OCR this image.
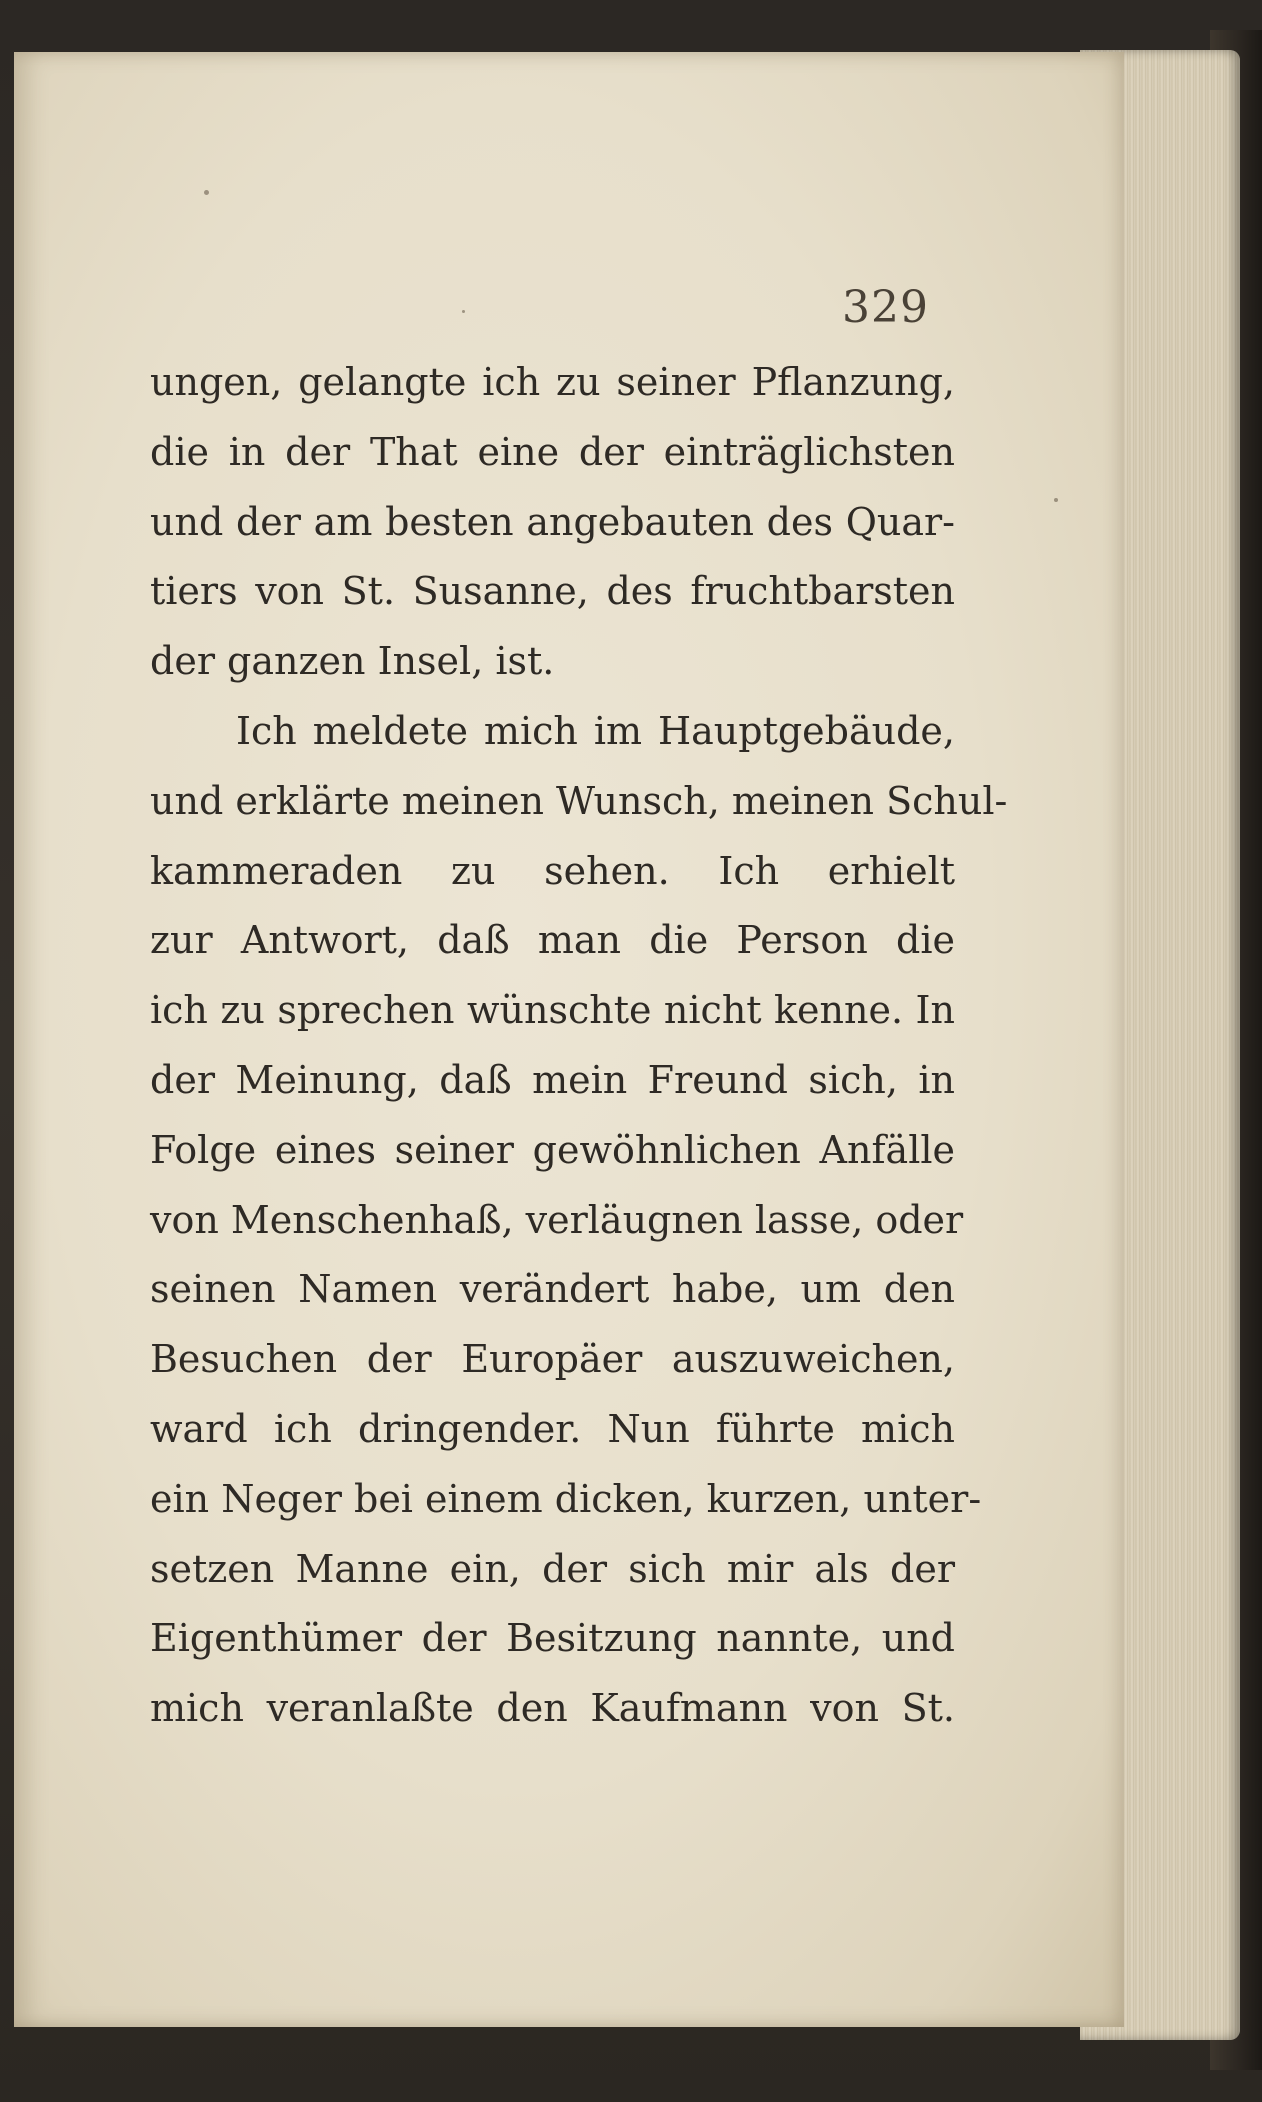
329
ungen, gelangte ich zu seiner Pflanzung,
die in der That eine der einträglichsten
und der am besten angebauten des Quar-
tiers von St. Susanne, des fruchtbarsten
der ganzen Insel, ist.
Ich meldete mich im Hauptgebäude,
und erklärte meinen Wunsch, meinen Schul-
kammeraden zu sehen. Ich erhielt
zur Antwort, daß man die Person die
ich zu sprechen wünschte nicht kenne. In
der Meinung, daß mein Freund sich, in
Folge eines seiner gewöhnlichen Anfälle
von Menschenhaß, verläugnen lasse, oder
seinen Namen verändert habe, um den
Besuchen der Europäer auszuweichen,
ward ich dringender. Nun führte mich
ein Neger bei einem dicken, kurzen, unter-
setzen Manne ein, der sich mir als der
Eigenthümer der Besitzung nannte, und
mich veranlaßte den Kaufmann von St.
